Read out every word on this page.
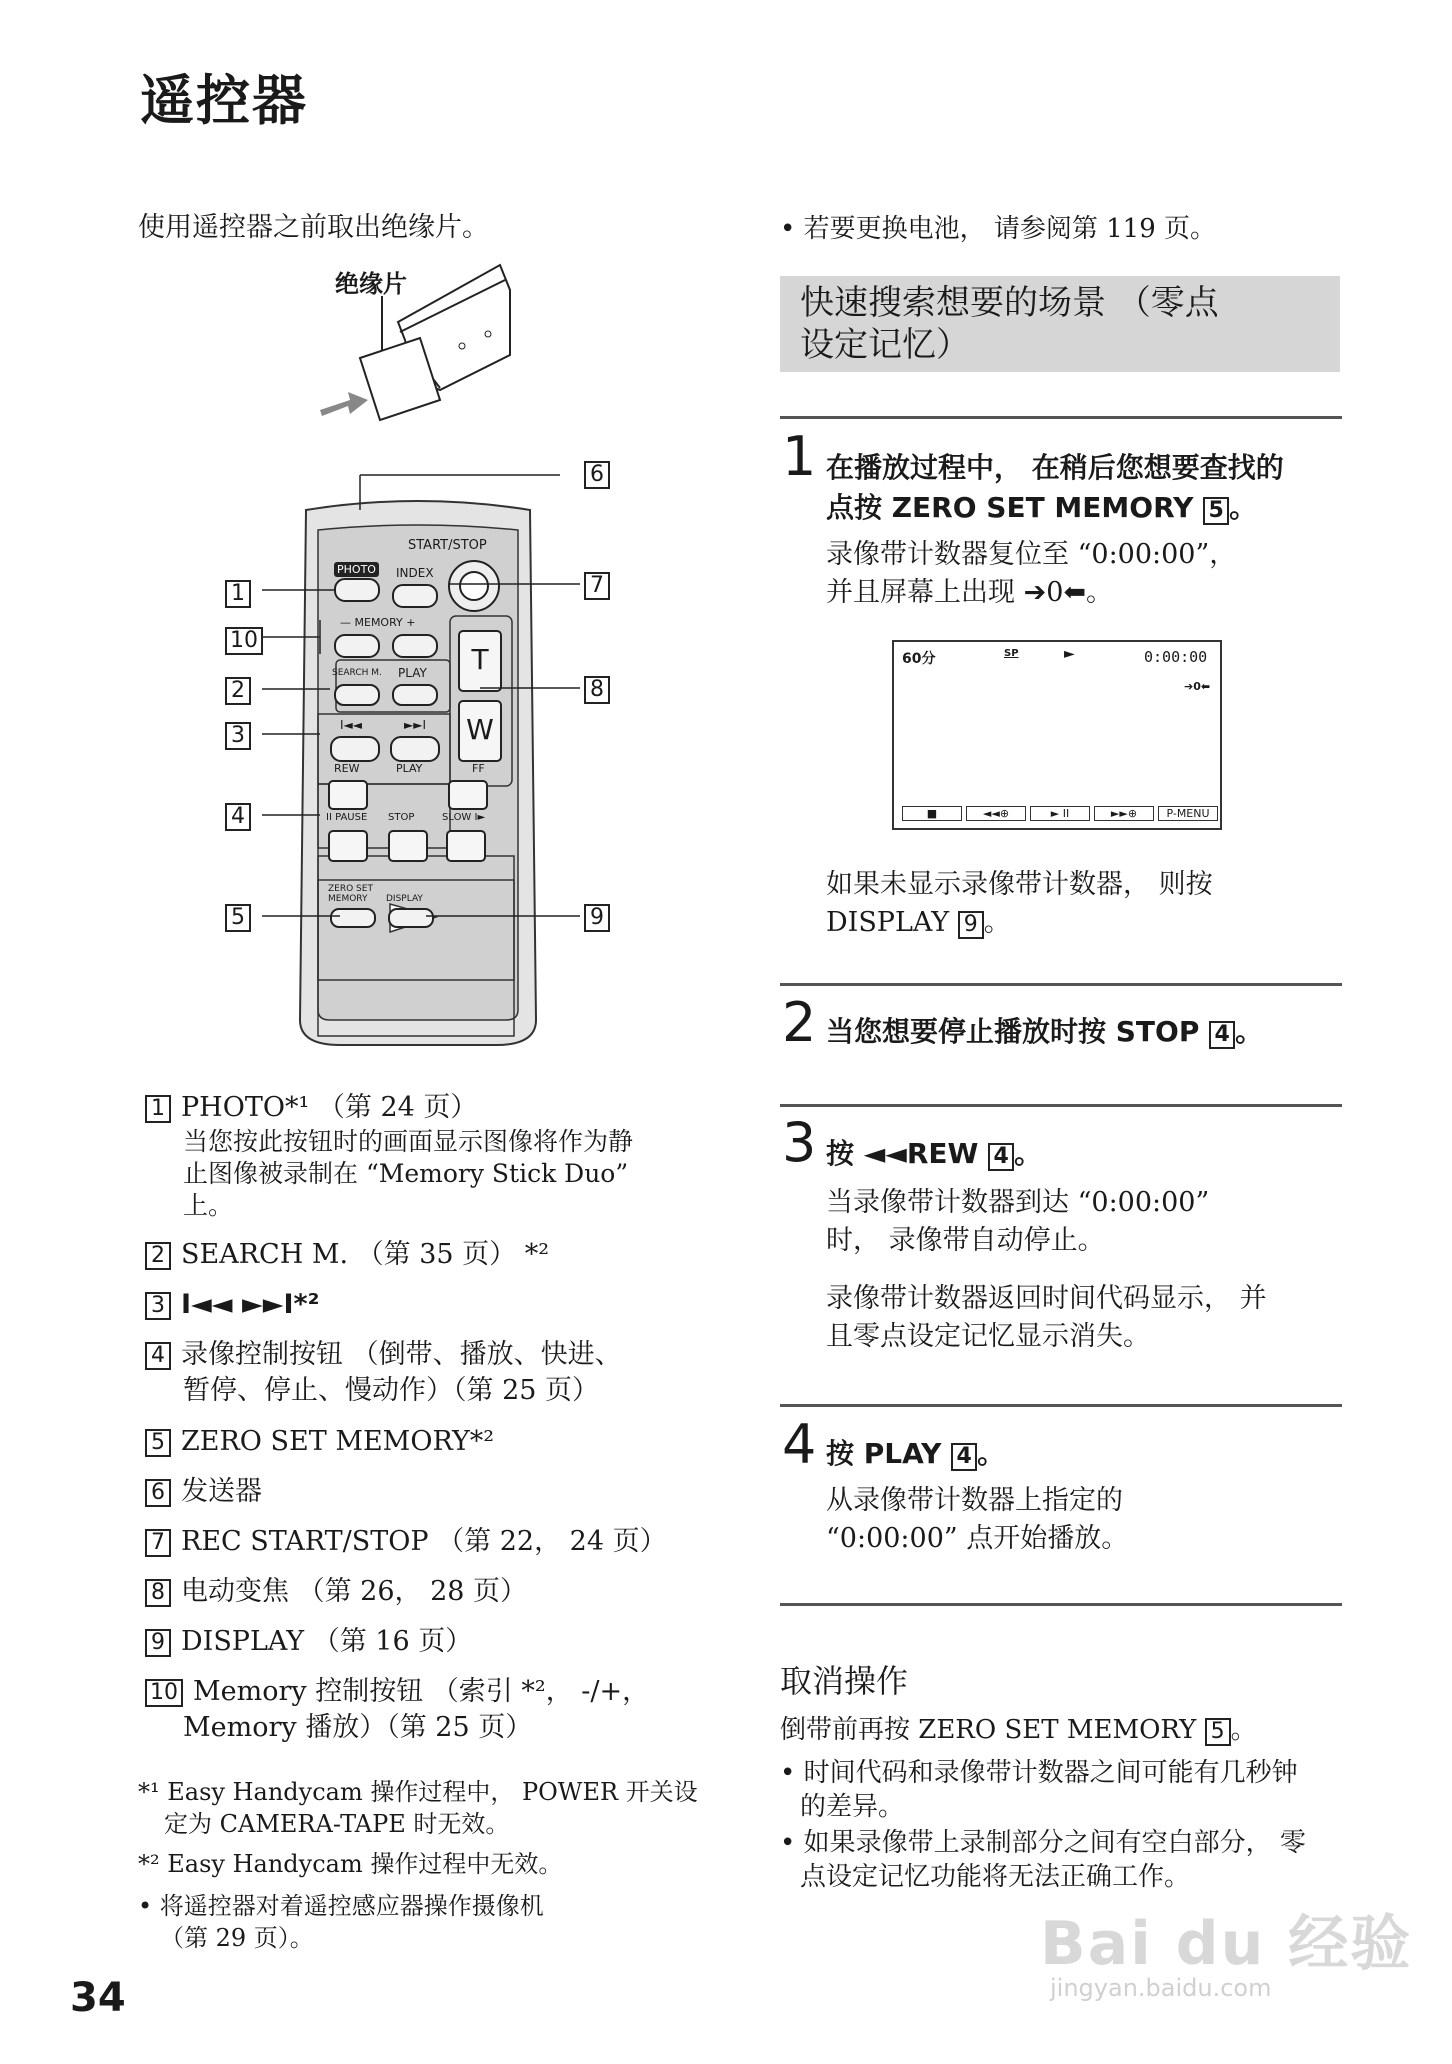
遥控器
使用遥控器之前取出绝缘片。
绝缘片
START/STOP
PHOTO INDEX
— MEMORY +
SEARCH M. PLAY	T
W
I◄◄	►►I
REW	PLAY	FF
II PAUSE STOP	SLOW I►
ZERO SET
MEMORY DISPLAY
1
10
2
3
4
5
6
7
8
9
1 PHOTO*¹ （第 24 页）
当您按此按钮时的画面显示图像将作为静
止图像被录制在 “Memory Stick Duo”
上。
2 SEARCH M. （第 35 页） *²
3 I◄◄ ►►I*²
4 录像控制按钮 （倒带、播放、快进、
暂停、停止、慢动作）（第 25 页）
5 ZERO SET MEMORY*²
6 发送器
7 REC START/STOP （第 22， 24 页）
8 电动变焦 （第 26， 28 页）
9 DISPLAY （第 16 页）
10 Memory 控制按钮 （索引 *²， -/+，
Memory 播放）（第 25 页）
*¹ Easy Handycam 操作过程中， POWER 开关设
定为 CAMERA-TAPE 时无效。
*² Easy Handycam 操作过程中无效。
• 将遥控器对着遥控感应器操作摄像机
（第 29 页）。
34
• 若要更换电池， 请参阅第 119 页。
快速搜索想要的场景 （零点
设定记忆）
1 在播放过程中， 在稍后您想要查找的
点按 ZERO SET MEMORY 5 。
录像带计数器复位至 “0:00:00”，
并且屏幕上出现 ➔0⬅。
60分	SP	►	0:00:00
➔0⬅
■	◄◄⊕	► II	►►⊕	P-MENU
如果未显示录像带计数器， 则按
DISPLAY 9 。
2 当您想要停止播放时按 STOP 4 。
3 按 ◄◄REW 4 。
当录像带计数器到达 “0:00:00”
时， 录像带自动停止。
录像带计数器返回时间代码显示， 并
且零点设定记忆显示消失。
4 按 PLAY 4 。
从录像带计数器上指定的
“0:00:00” 点开始播放。
取消操作
倒带前再按 ZERO SET MEMORY 5 。
• 时间代码和录像带计数器之间可能有几秒钟
的差异。
• 如果录像带上录制部分之间有空白部分， 零
点设定记忆功能将无法正确工作。
Bai du 经验
jingyan.baidu.com
